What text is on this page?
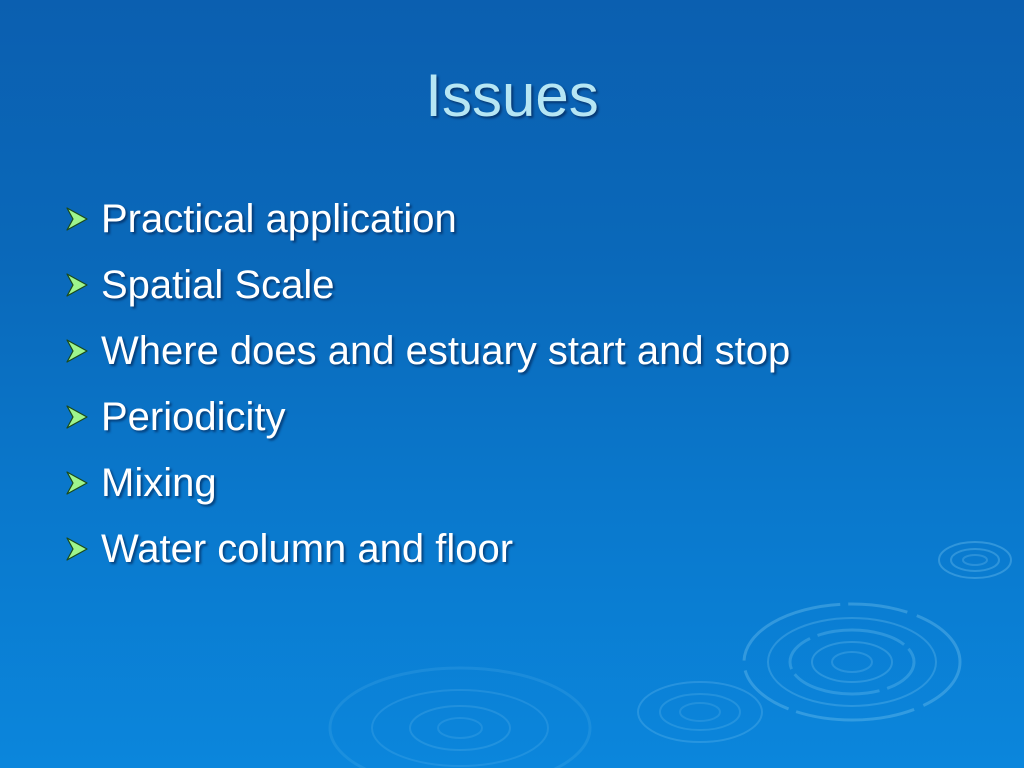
Issues
Practical application
Spatial Scale
Where does and estuary start and stop
Periodicity
Mixing
Water column and floor
